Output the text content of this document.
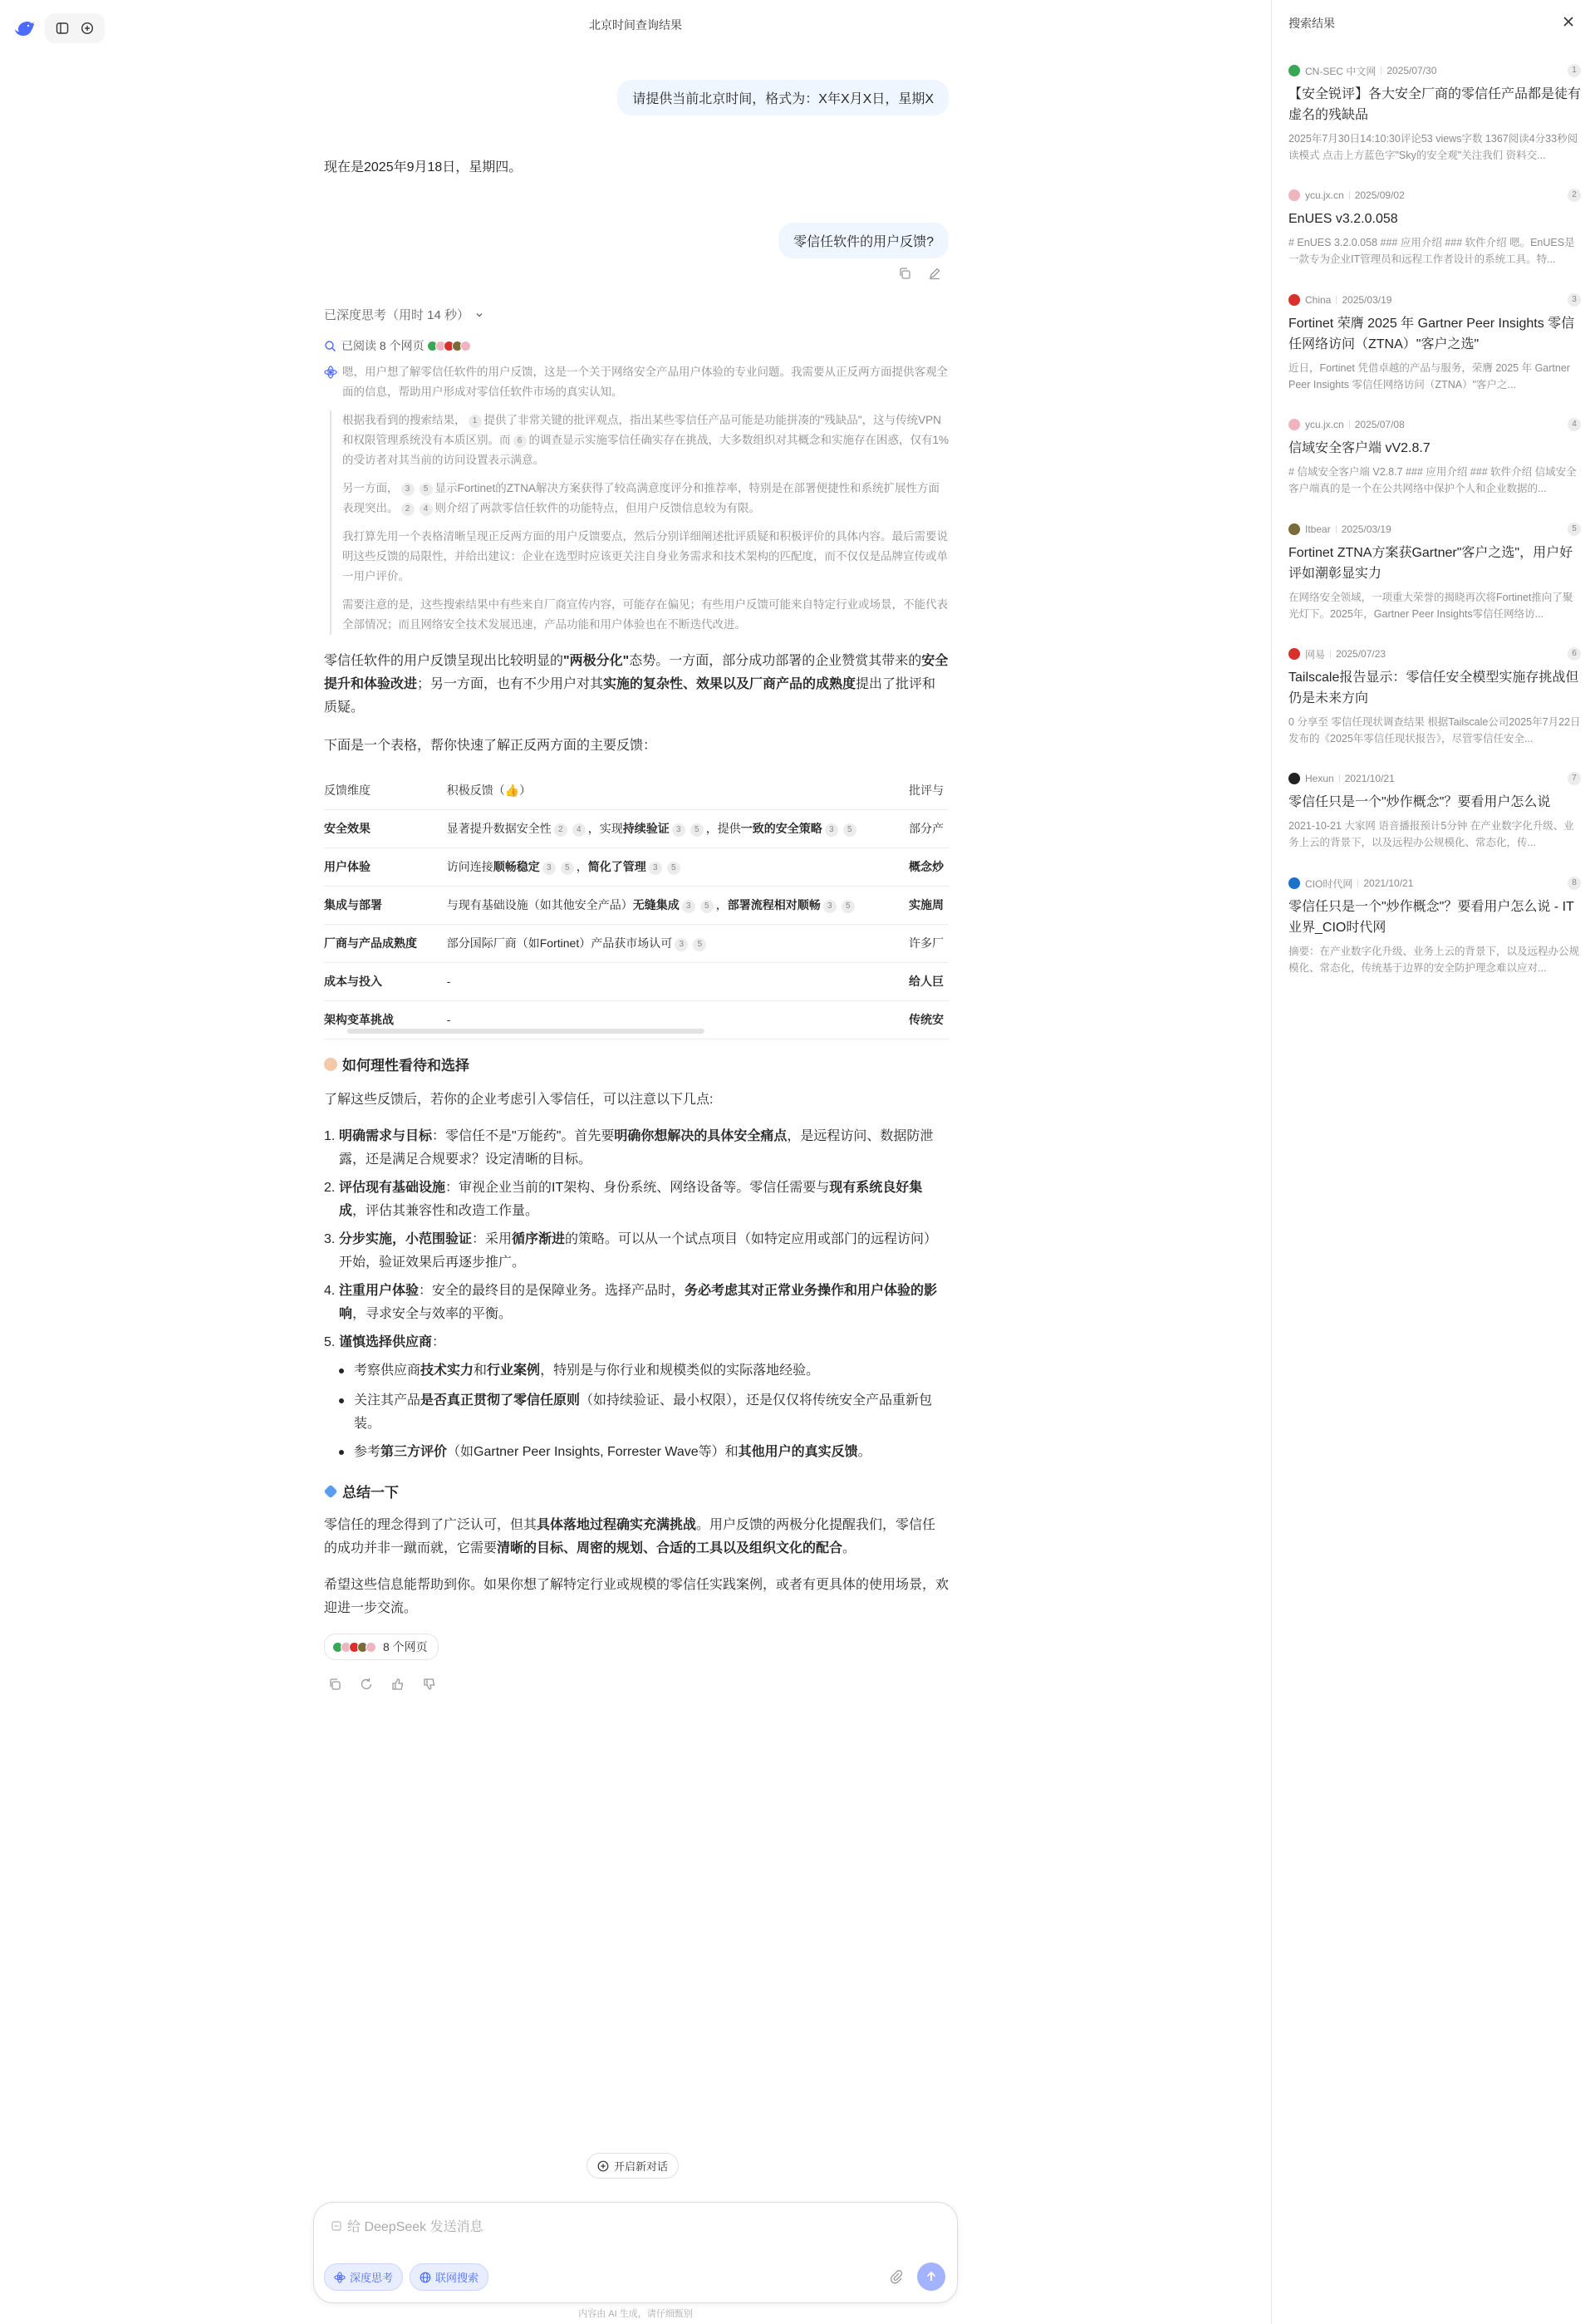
北京时间查询结果
请提供当前北京时间，格式为：X年X月X日，星期X
现在是2025年9月18日，星期四。
零信任软件的用户反馈?
已深度思考（用时 14 秒）
已阅读 8 个网页
嗯，用户想了解零信任软件的用户反馈，这是一个关于网络安全产品用户体验的专业问题。我需要从正反两方面提供客观全面的信息，帮助用户形成对零信任软件市场的真实认知。

根据我看到的搜索结果， 1 提供了非常关键的批评观点，指出某些零信任产品可能是功能拼凑的"残缺品"，这与传统VPN和权限管理系统没有本质区别。而 6 的调查显示实施零信任确实存在挑战，大多数组织对其概念和实施存在困惑，仅有1%的受访者对其当前的访问设置表示满意。

另一方面， 3 5 显示Fortinet的ZTNA解决方案获得了较高满意度评分和推荐率，特别是在部署便捷性和系统扩展性方面表现突出。 2 4 则介绍了两款零信任软件的功能特点，但用户反馈信息较为有限。

我打算先用一个表格清晰呈现正反两方面的用户反馈要点，然后分别详细阐述批评质疑和积极评价的具体内容。最后需要说明这些反馈的局限性，并给出建议：企业在选型时应该更关注自身业务需求和技术架构的匹配度，而不仅仅是品牌宣传或单一用户评价。

需要注意的是，这些搜索结果中有些来自厂商宣传内容，可能存在偏见；有些用户反馈可能来自特定行业或场景，不能代表全部情况；而且网络安全技术发展迅速，产品功能和用户体验也在不断迭代改进。

零信任软件的用户反馈呈现出比较明显的"两极分化"态势。一方面，部分成功部署的企业赞赏其带来的安全提升和体验改进；另一方面，也有不少用户对其实施的复杂性、效果以及厂商产品的成熟度提出了批评和质疑。
下面是一个表格，帮你快速了解正反两方面的主要反馈：
反馈维度	积极反馈（👍）	批评与
安全效果	显著提升数据安全性 2 4 ，实现持续验证 3 5 ，提供一致的安全策略 3 5	部分产
用户体验	访问连接顺畅稳定 3 5 ，简化了管理 3 5	概念炒
集成与部署	与现有基础设施（如其他安全产品）无缝集成 3 5 ，部署流程相对顺畅 3 5	实施周
厂商与产品成熟度	部分国际厂商（如Fortinet）产品获市场认可 3 5	许多厂
成本与投入	-	给人巨
架构变革挑战	-	传统安
如何理性看待和选择
了解这些反馈后，若你的企业考虑引入零信任，可以注意以下几点:
1. 明确需求与目标：零信任不是"万能药"。首先要明确你想解决的具体安全痛点，是远程访问、数据防泄露，还是满足合规要求？设定清晰的目标。
2. 评估现有基础设施：审视企业当前的IT架构、身份系统、网络设备等。零信任需要与现有系统良好集成，评估其兼容性和改造工作量。
3. 分步实施，小范围验证：采用循序渐进的策略。可以从一个试点项目（如特定应用或部门的远程访问）开始，验证效果后再逐步推广。
4. 注重用户体验：安全的最终目的是保障业务。选择产品时，务必考虑其对正常业务操作和用户体验的影响，寻求安全与效率的平衡。
5. 谨慎选择供应商：
考察供应商技术实力和行业案例，特别是与你行业和规模类似的实际落地经验。
关注其产品是否真正贯彻了零信任原则（如持续验证、最小权限），还是仅仅将传统安全产品重新包装。
参考第三方评价（如Gartner Peer Insights, Forrester Wave等）和其他用户的真实反馈。
总结一下
零信任的理念得到了广泛认可，但其具体落地过程确实充满挑战。用户反馈的两极分化提醒我们，零信任的成功并非一蹴而就，它需要清晰的目标、周密的规划、合适的工具以及组织文化的配合。
希望这些信息能帮助到你。如果你想了解特定行业或规模的零信任实践案例，或者有更具体的使用场景，欢迎进一步交流。
8 个网页
开启新对话
给 DeepSeek 发送消息
深度思考	联网搜索
内容由 AI 生成，请仔细甄别
搜索结果
CN-SEC 中文网 2025/07/30	1
【安全锐评】各大安全厂商的零信任产品都是徒有虚名的残缺品
2025年7月30日14:10:30评论53 views字数 1367阅读4分33秒阅读模式 点击上方蓝色字"Sky的安全观"关注我们 资料交...
ycu.jx.cn 2025/09/02	2
EnUES v3.2.0.058
# EnUES 3.2.0.058 ### 应用介绍 ### 软件介绍 嗯。EnUES是一款专为企业IT管理员和远程工作者设计的系统工具。特...
China 2025/03/19	3
Fortinet 荣膺 2025 年 Gartner Peer Insights 零信任网络访问（ZTNA）"客户之选"
近日，Fortinet 凭借卓越的产品与服务，荣膺 2025 年 Gartner Peer Insights 零信任网络访问（ZTNA）"客户之...
ycu.jx.cn 2025/07/08	4
信域安全客户端 vV2.8.7
# 信域安全客户端 V2.8.7 ### 应用介绍 ### 软件介绍 信域安全客户端真的是一个在公共网络中保护个人和企业数据的...
Itbear 2025/03/19	5
Fortinet ZTNA方案获Gartner"客户之选"，用户好评如潮彰显实力
在网络安全领域，一项重大荣誉的揭晓再次将Fortinet推向了聚光灯下。2025年，Gartner Peer Insights零信任网络访...
网易 2025/07/23	6
Tailscale报告显示：零信任安全模型实施存挑战但仍是未来方向
0 分享至 零信任现状调查结果 根据Tailscale公司2025年7月22日发布的《2025年零信任现状报告》，尽管零信任安全...
Hexun 2021/10/21	7
零信任只是一个"炒作概念"？要看用户怎么说
2021-10-21 大家网 语音播报预计5分钟 在产业数字化升级、业务上云的背景下，以及远程办公规模化、常态化，传...
CIO时代网 2021/10/21	8
零信任只是一个"炒作概念"？要看用户怎么说 - IT业界_CIO时代网
摘要：在产业数字化升级、业务上云的背景下，以及远程办公规模化、常态化，传统基于边界的安全防护理念难以应对...
